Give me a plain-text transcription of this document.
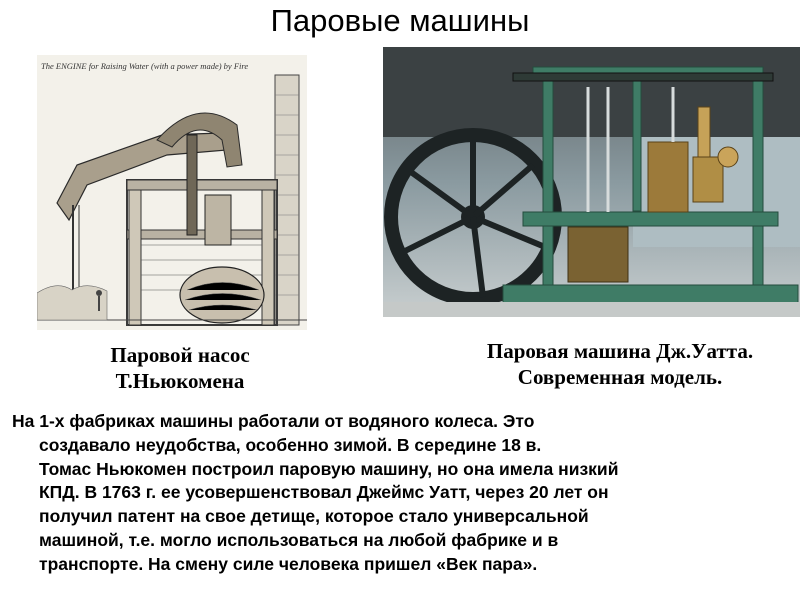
Паровые машины
The ENGINE for Raising Water (with a power made) by Fire
Паровой насос
Т.Ньюкомена
Паровая машина Дж.Уатта.
Современная модель.
На 1-х фабриках машины работали от водяного колеса. Это
создавало неудобства, особенно зимой. В середине 18 в.
Томас Ньюкомен построил паровую машину, но она имела низкий
КПД. В 1763 г. ее усовершенствовал Джеймс Уатт, через 20 лет он
получил патент на свое детище, которое стало универсальной
машиной, т.е. могло использоваться на любой фабрике и в
транспорте. На смену силе человека пришел «Век пара».
